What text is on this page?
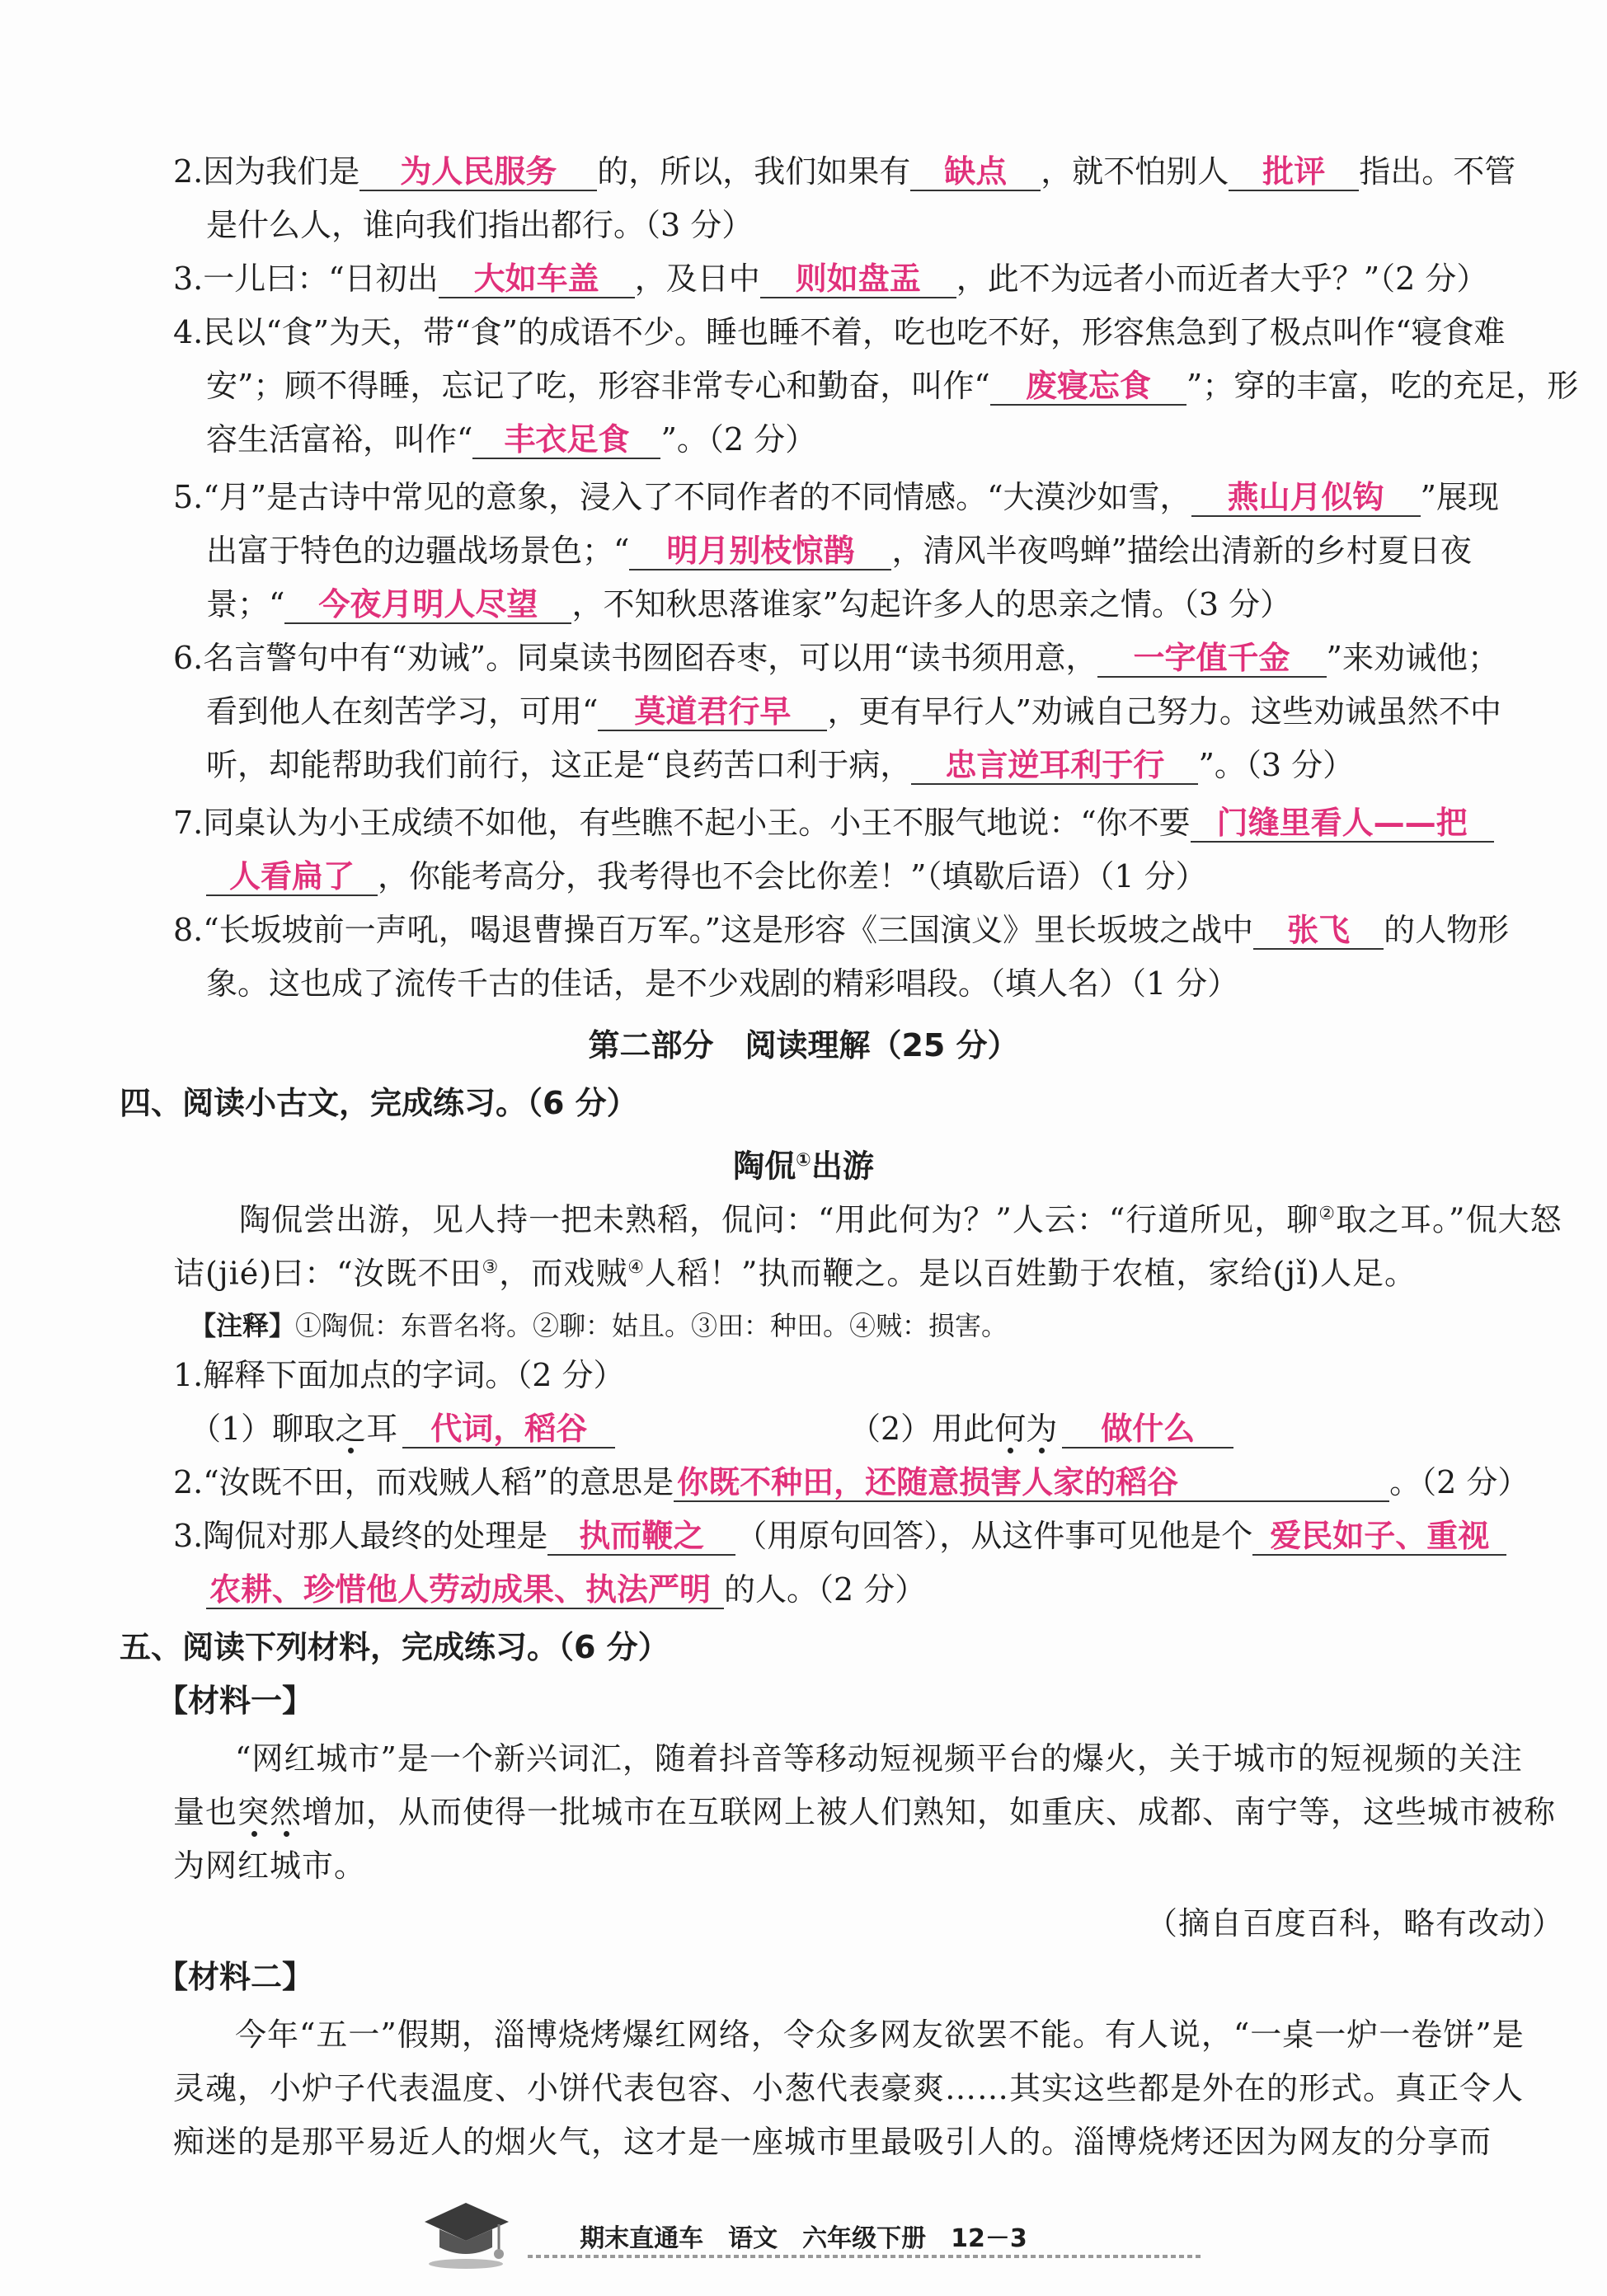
2.因为我们是 为人民服务 的，所以，我们如果有 缺点 ，就不怕别人 批评 指出。不管
是什么人，谁向我们指出都行。（3 分）
3.一儿曰：“日初出 大如车盖 ，及日中 则如盘盂 ，此不为远者小而近者大乎？”（2 分）
4.民以“食”为天，带“食”的成语不少。睡也睡不着，吃也吃不好，形容焦急到了极点叫作“寝食难
安”；顾不得睡，忘记了吃，形容非常专心和勤奋，叫作“ 废寝忘食 ”；穿的丰富，吃的充足，形
容生活富裕，叫作“ 丰衣足食 ”。（2 分）
5.“月”是古诗中常见的意象，浸入了不同作者的不同情感。“大漠沙如雪， 燕山月似钩 ”展现
出富于特色的边疆战场景色；“ 明月别枝惊鹊 ，清风半夜鸣蝉”描绘出清新的乡村夏日夜
景；“ 今夜月明人尽望 ，不知秋思落谁家”勾起许多人的思亲之情。（3 分）
6.名言警句中有“劝诫”。同桌读书囫囵吞枣，可以用“读书须用意， 一字值千金 ”来劝诫他；
看到他人在刻苦学习，可用“ 莫道君行早 ，更有早行人”劝诫自己努力。这些劝诫虽然不中
听，却能帮助我们前行，这正是“良药苦口利于病， 忠言逆耳利于行 ”。（3 分）
7.同桌认为小王成绩不如他，有些瞧不起小王。小王不服气地说：“你不要 门缝里看人——把
人看扁了 ，你能考高分，我考得也不会比你差！”（填歇后语）（1 分）
8.“长坂坡前一声吼，喝退曹操百万军。”这是形容《三国演义》里长坂坡之战中 张飞 的人物形
象。这也成了流传千古的佳话，是不少戏剧的精彩唱段。（填人名）（1 分）
第二部分　阅读理解（25 分）
四、阅读小古文，完成练习。（6 分）
陶侃①出游
陶侃尝出游，见人持一把未熟稻，侃问：“用此何为？”人云：“行道所见，聊②取之耳。”侃大怒
诘(jié)曰：“汝既不田③，而戏贼④人稻！”执而鞭之。是以百姓勤于农植，家给(jǐ)人足。
【注释】①陶侃：东晋名将。②聊：姑且。③田：种田。④贼：损害。
1.解释下面加点的字词。（2 分）
（1）聊取之耳 代词，稻谷	（2）用此何为 做什么
2.“汝既不田，而戏贼人稻”的意思是 你既不种田，还随意损害人家的稻谷	。（2 分）
3.陶侃对那人最终的处理是 执而鞭之 （用原句回答），从这件事可见他是个 爱民如子、重视
农耕、珍惜他人劳动成果、执法严明 的人。（2 分）
五、阅读下列材料，完成练习。（6 分）
【材料一】
“网红城市”是一个新兴词汇，随着抖音等移动短视频平台的爆火，关于城市的短视频的关注
量也突然增加，从而使得一批城市在互联网上被人们熟知，如重庆、成都、南宁等，这些城市被称
为网红城市。
（摘自百度百科，略有改动）
【材料二】
今年“五一”假期，淄博烧烤爆红网络，令众多网友欲罢不能。有人说，“一桌一炉一卷饼”是
灵魂，小炉子代表温度、小饼代表包容、小葱代表豪爽……其实这些都是外在的形式。真正令人
痴迷的是那平易近人的烟火气，这才是一座城市里最吸引人的。淄博烧烤还因为网友的分享而
期末直通车　语文　六年级下册　12－3
